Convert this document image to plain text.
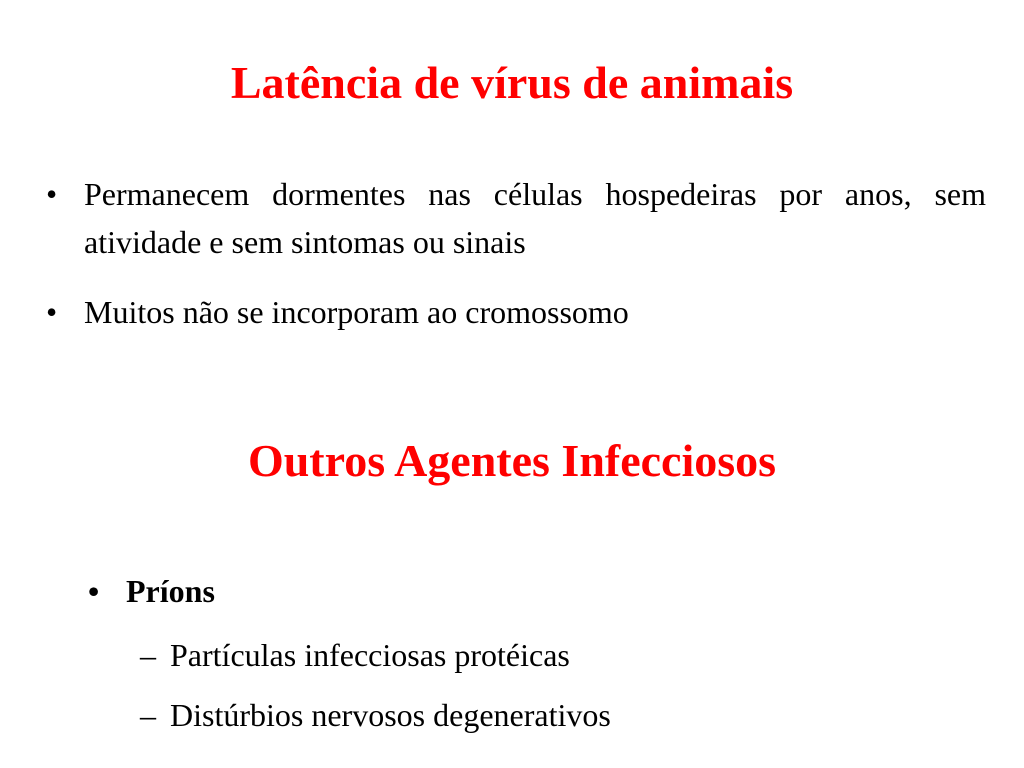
Latência de vírus de animais
• Permanecem dormentes nas células hospedeiras por anos, sem atividade e sem sintomas ou sinais
• Muitos não se incorporam ao cromossomo
Outros Agentes Infecciosos
• Príons
– Partículas infecciosas protéicas
– Distúrbios nervosos degenerativos
